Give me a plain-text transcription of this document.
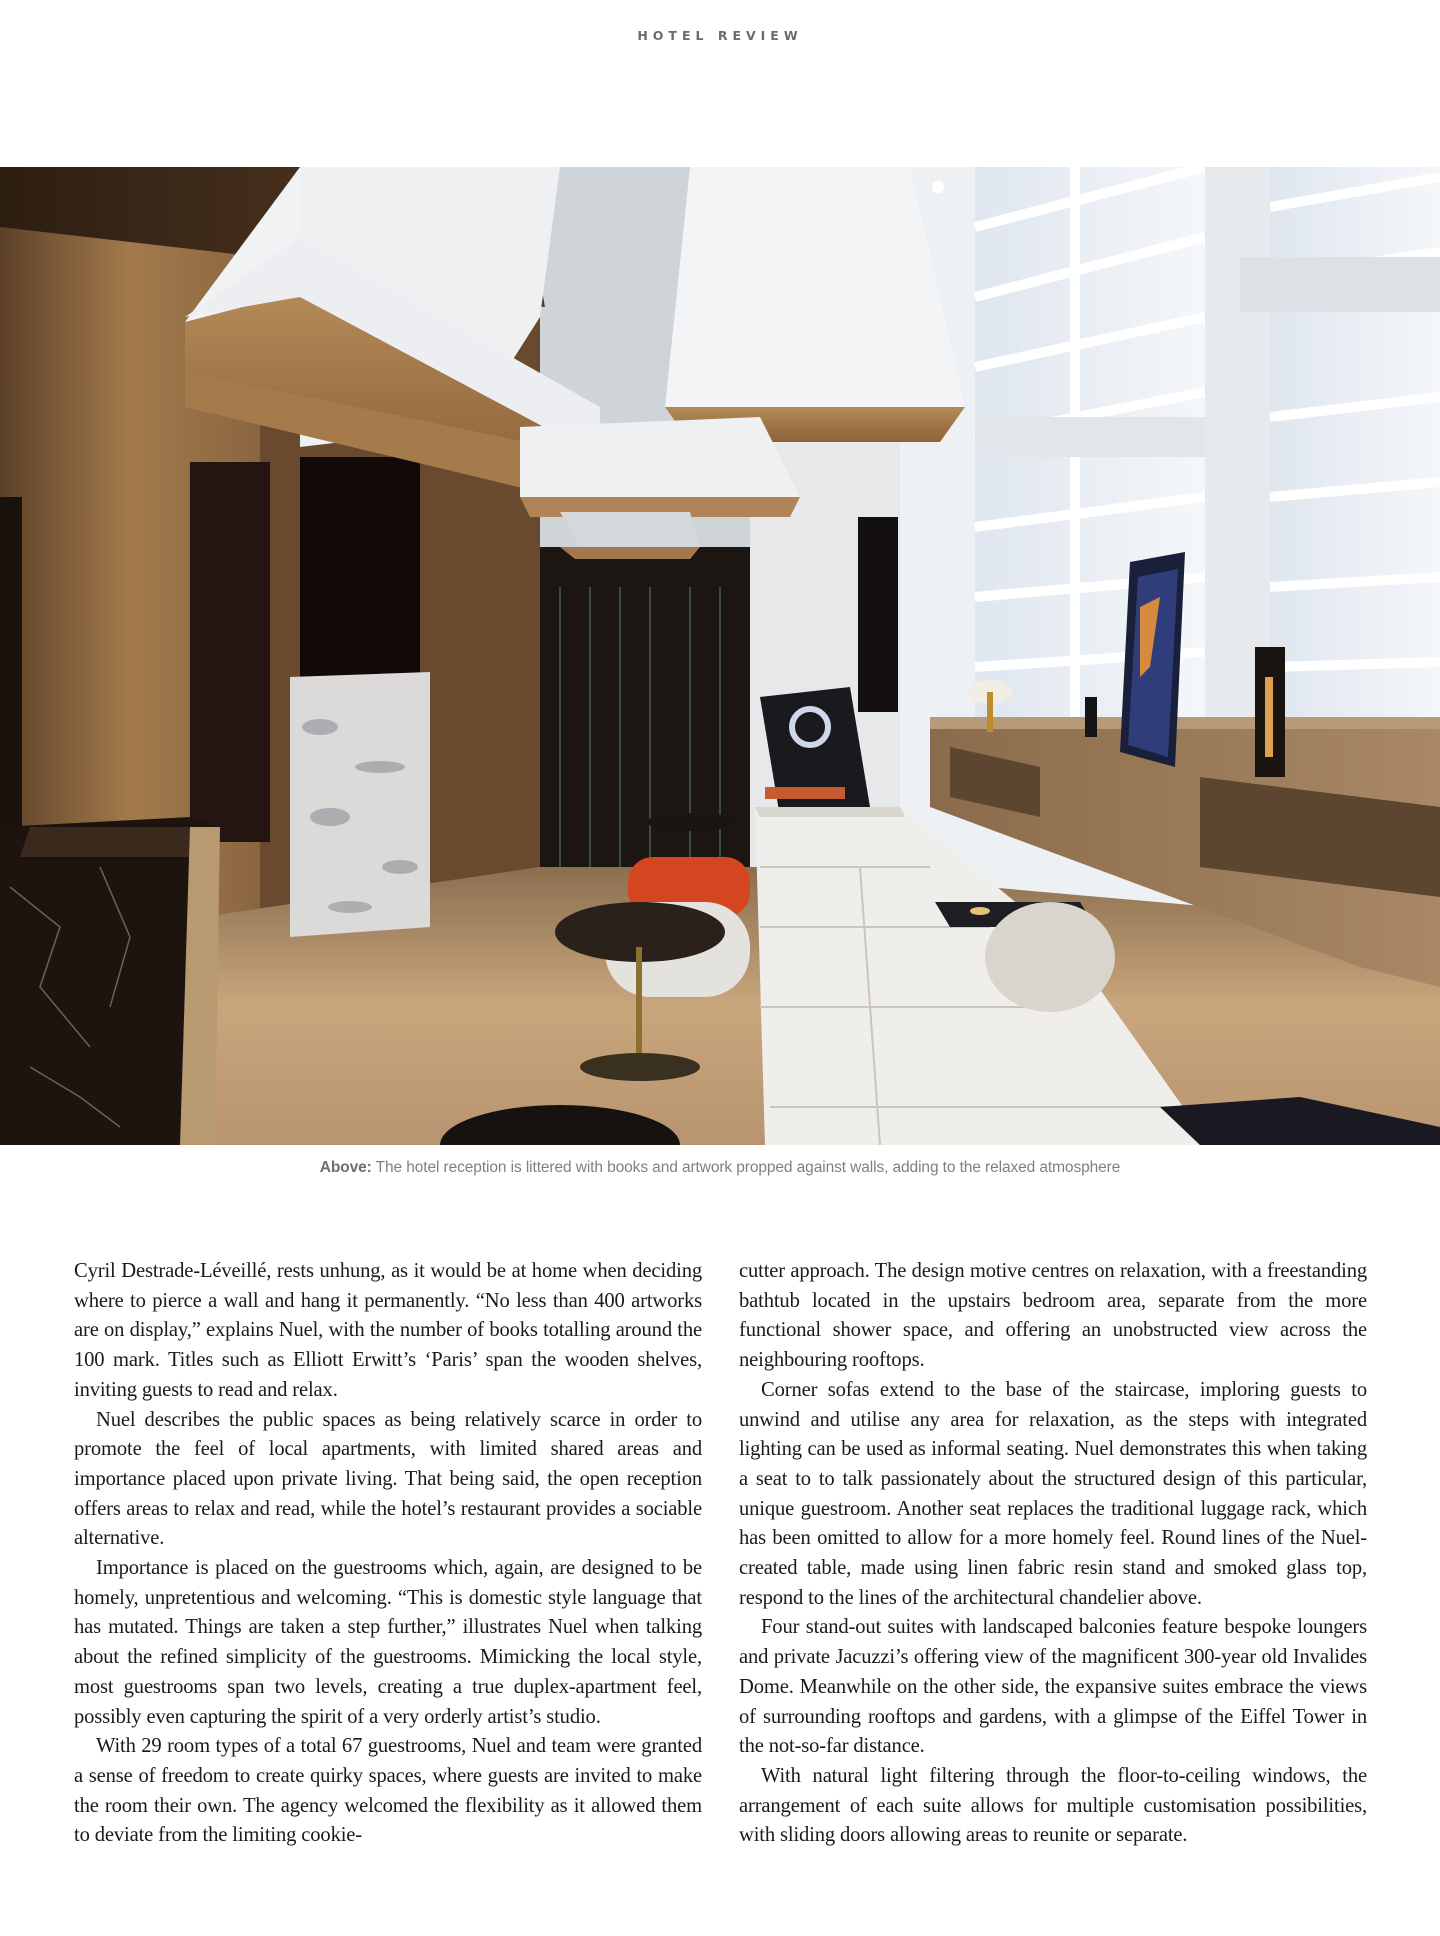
HOTEL REVIEW
Above: The hotel reception is littered with books and artwork propped against walls, adding to the relaxed atmosphere

Cyril Destrade-Léveillé, rests unhung, as it would be at home when deciding where to pierce a wall and hang it permanently. “No less than 400 artworks are on display,” explains Nuel, with the number of books totalling around the 100 mark. Titles such as Elliott Erwitt’s ‘Paris’ span the wooden shelves, inviting guests to read and relax.

Nuel describes the public spaces as being relatively scarce in order to promote the feel of local apartments, with limited shared areas and importance placed upon private living. That being said, the open reception offers areas to relax and read, while the hotel’s restaurant provides a sociable alternative.

Importance is placed on the guestrooms which, again, are designed to be homely, unpretentious and welcoming. “This is domestic style language that has mutated. Things are taken a step further,” illustrates Nuel when talking about the refined simplicity of the guestrooms. Mimicking the local style, most guestrooms span two levels, creating a true duplex-apartment feel, possibly even capturing the spirit of a very orderly artist’s studio.

With 29 room types of a total 67 guestrooms, Nuel and team were granted a sense of freedom to create quirky spaces, where guests are invited to make the room their own. The agency welcomed the flexibility as it allowed them to deviate from the limiting cookie-

cutter approach. The design motive centres on relaxation, with a freestanding bathtub located in the upstairs bedroom area, separate from the more functional shower space, and offering an unobstructed view across the neighbouring rooftops.

Corner sofas extend to the base of the staircase, imploring guests to unwind and utilise any area for relaxation, as the steps with integrated lighting can be used as informal seating. Nuel demonstrates this when taking a seat to to talk passionately about the structured design of this particular, unique guestroom. Another seat replaces the traditional luggage rack, which has been omitted to allow for a more homely feel. Round lines of the Nuel-created table, made using linen fabric resin stand and smoked glass top, respond to the lines of the architectural chandelier above.

Four stand-out suites with landscaped balconies feature bespoke loungers and private Jacuzzi’s offering view of the magnificent 300-year old Invalides Dome. Meanwhile on the other side, the expansive suites embrace the views of surrounding rooftops and gardens, with a glimpse of the Eiffel Tower in the not-so-far distance.

With natural light filtering through the floor-to-ceiling windows, the arrangement of each suite allows for multiple customisation possibilities, with sliding doors allowing areas to reunite or separate.
